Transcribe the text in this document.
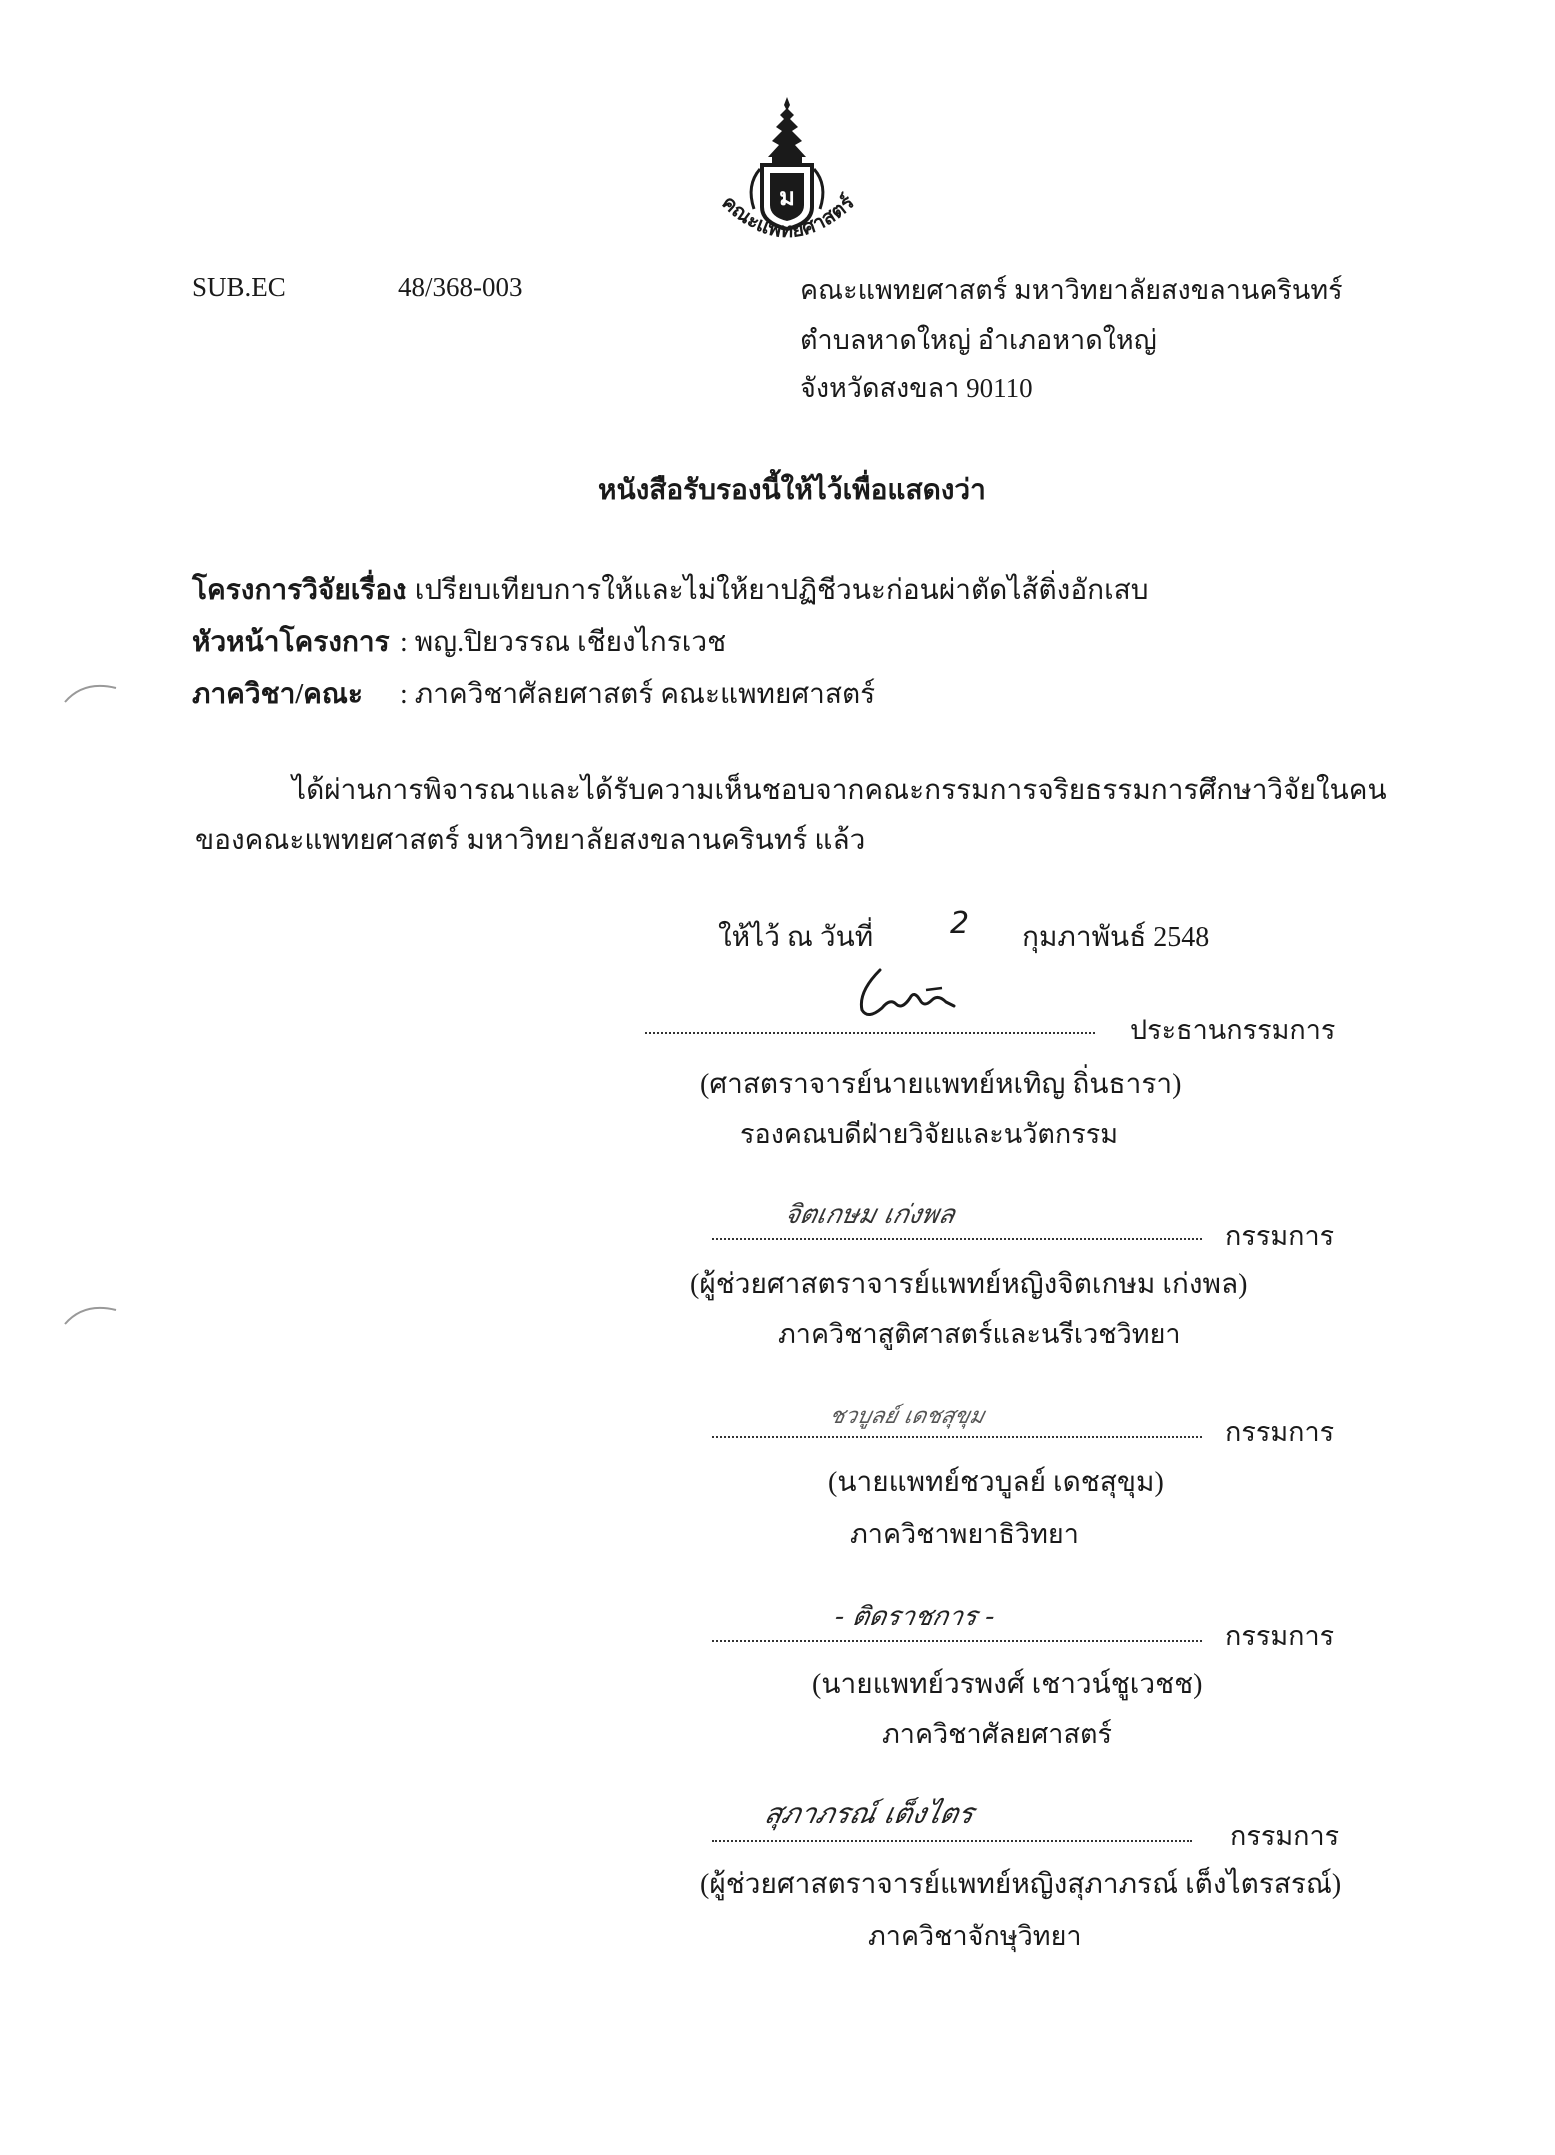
ม
คณะแพทยศาสตร์
SUB.EC	48/368-003	คณะแพทยศาสตร์ มหาวิทยาลัยสงขลานครินทร์
ตำบลหาดใหญ่ อำเภอหาดใหญ่
จังหวัดสงขลา 90110
หนังสือรับรองนี้ให้ไว้เพื่อแสดงว่า
โครงการวิจัยเรื่อง
: เปรียบเทียบการให้และไม่ให้ยาปฏิชีวนะก่อนผ่าตัดไส้ติ่งอักเสบ
หัวหน้าโครงการ : พญ.ปิยวรรณ เชียงไกรเวช
ภาควิชา/คณะ : ภาควิชาศัลยศาสตร์ คณะแพทยศาสตร์
ได้ผ่านการพิจารณาและได้รับความเห็นชอบจากคณะกรรมการจริยธรรมการศึกษาวิจัยในคน
ของคณะแพทยศาสตร์ มหาวิทยาลัยสงขลานครินทร์ แล้ว
ให้ไว้ ณ วันที่	2 กุมภาพันธ์ 2548
ประธานกรรมการ
(ศาสตราจารย์นายแพทย์หเทิญ ถิ่นธารา)
รองคณบดีฝ่ายวิจัยและนวัตกรรม
จิตเกษม เก่งพล
กรรมการ
(ผู้ช่วยศาสตราจารย์แพทย์หญิงจิตเกษม เก่งพล)
ภาควิชาสูติศาสตร์และนรีเวชวิทยา
ชวบูลย์ เดชสุขุม
กรรมการ
(นายแพทย์ชวบูลย์ เดชสุขุม)
ภาควิชาพยาธิวิทยา
- ติดราชการ -
กรรมการ
(นายแพทย์วรพงศ์ เชาวน์ชูเวชช)
ภาควิชาศัลยศาสตร์
สุภาภรณ์ เต็งไตร
กรรมการ
(ผู้ช่วยศาสตราจารย์แพทย์หญิงสุภาภรณ์ เต็งไตรสรณ์)
ภาควิชาจักษุวิทยา
